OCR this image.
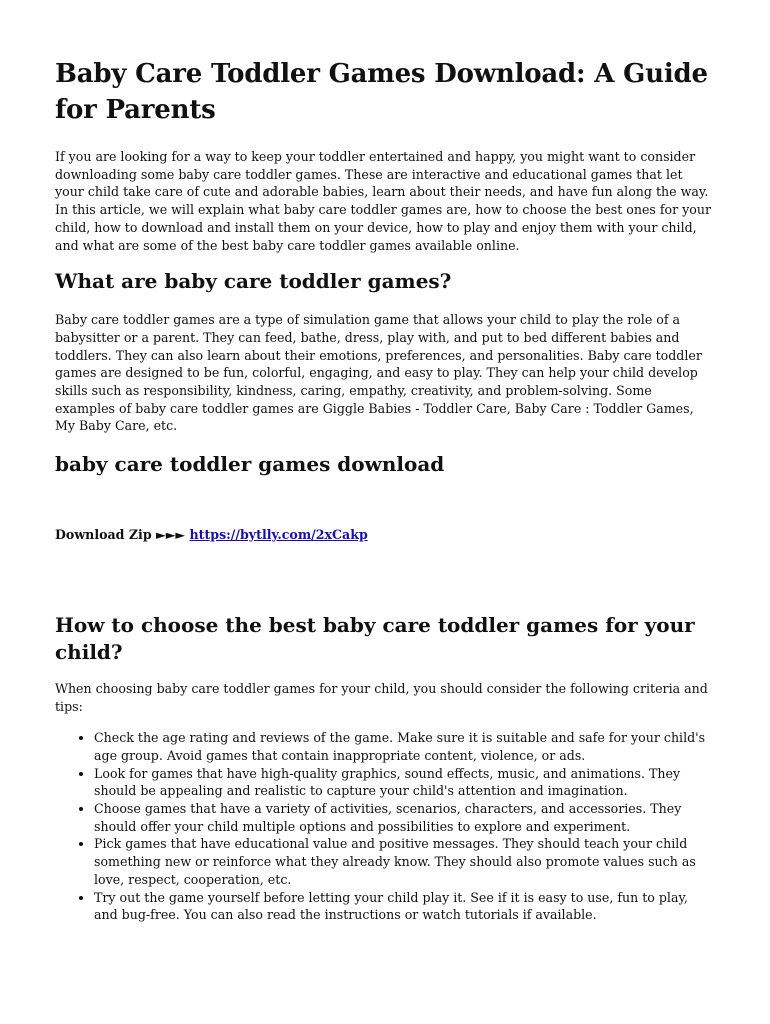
Baby Care Toddler Games Download: A Guide for Parents

If you are looking for a way to keep your toddler entertained and happy, you might want to consider downloading some baby care toddler games. These are interactive and educational games that let your child take care of cute and adorable babies, learn about their needs, and have fun along the way. In this article, we will explain what baby care toddler games are, how to choose the best ones for your child, how to download and install them on your device, how to play and enjoy them with your child, and what are some of the best baby care toddler games available online.

What are baby care toddler games?

Baby care toddler games are a type of simulation game that allows your child to play the role of a babysitter or a parent. They can feed, bathe, dress, play with, and put to bed different babies and toddlers. They can also learn about their emotions, preferences, and personalities. Baby care toddler games are designed to be fun, colorful, engaging, and easy to play. They can help your child develop skills such as responsibility, kindness, caring, empathy, creativity, and problem-solving. Some examples of baby care toddler games are Giggle Babies - Toddler Care, Baby Care : Toddler Games, My Baby Care, etc.

baby care toddler games download
Download Zip ►►► https://bytlly.com/2xCakp
How to choose the best baby care toddler games for your child?

When choosing baby care toddler games for your child, you should consider the following criteria and tips:

• Check the age rating and reviews of the game. Make sure it is suitable and safe for your child's age group. Avoid games that contain inappropriate content, violence, or ads.
• Look for games that have high-quality graphics, sound effects, music, and animations. They should be appealing and realistic to capture your child's attention and imagination.
• Choose games that have a variety of activities, scenarios, characters, and accessories. They should offer your child multiple options and possibilities to explore and experiment.
• Pick games that have educational value and positive messages. They should teach your child something new or reinforce what they already know. They should also promote values such as love, respect, cooperation, etc.
• Try out the game yourself before letting your child play it. See if it is easy to use, fun to play, and bug-free. You can also read the instructions or watch tutorials if available.
